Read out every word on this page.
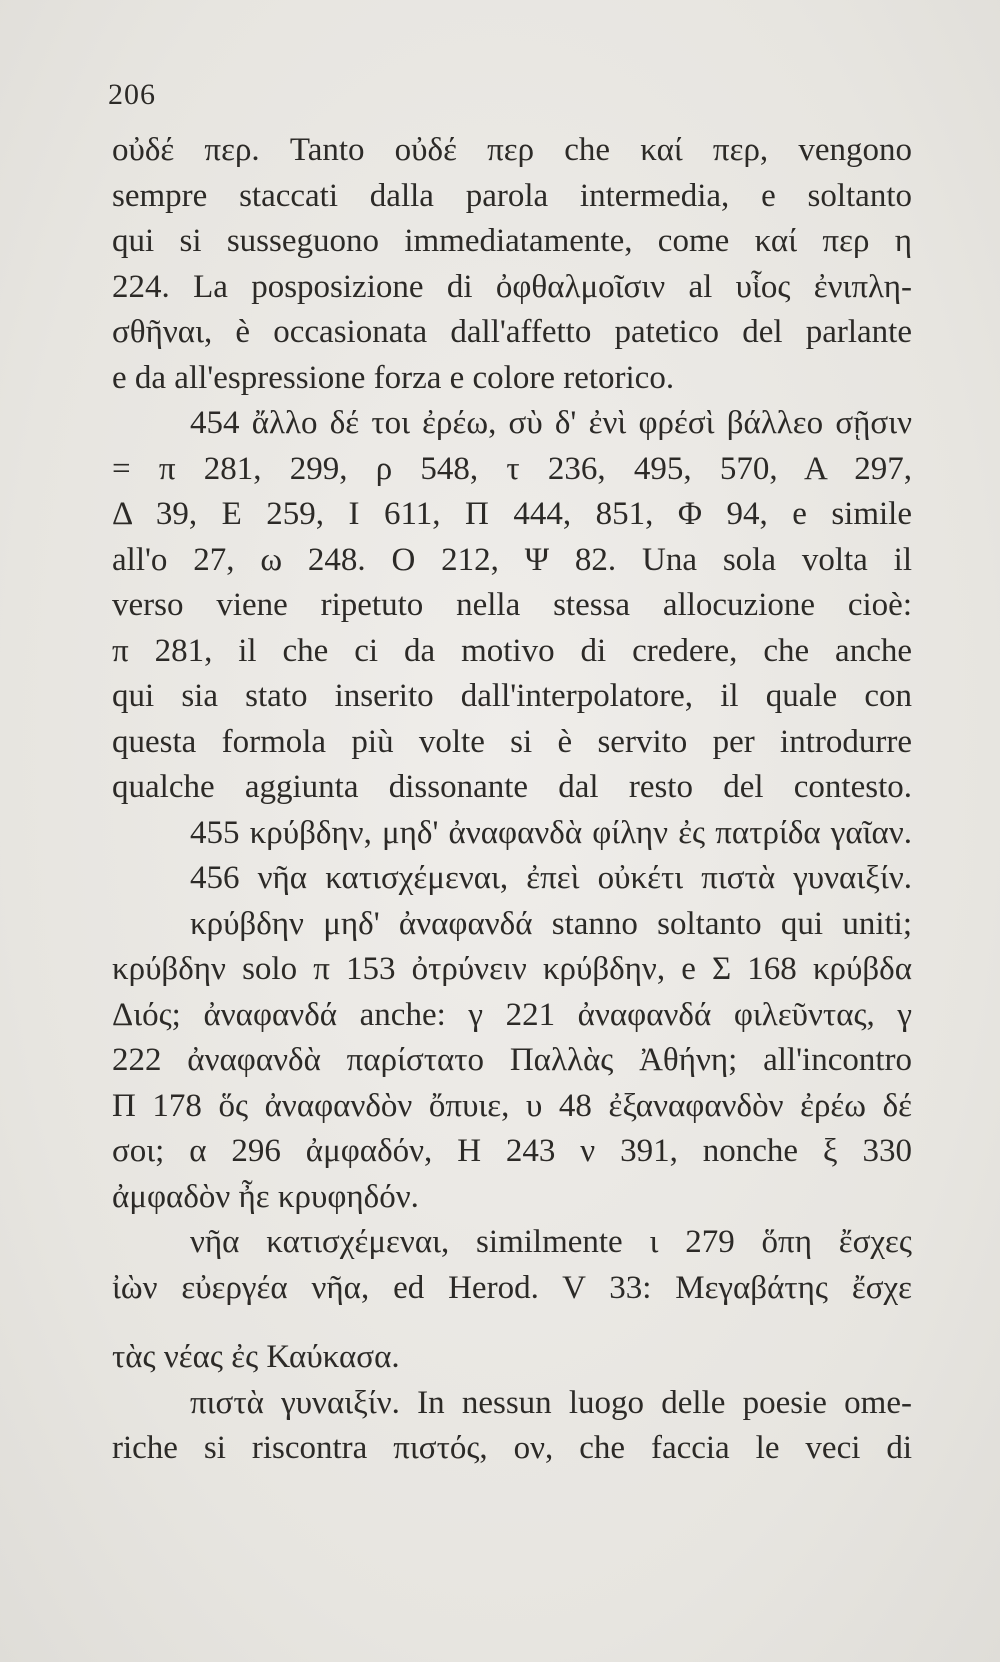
206
οὐδέ περ. Tanto οὐδέ περ che καί περ, vengono
sempre staccati dalla parola intermedia, e soltanto
qui si susseguono immediatamente, come καί περ η
224. La posposizione di ὀφθαλμοῖσιν al υἷος ἐνιπλη-
σθῆναι, è occasionata dall'affetto patetico del parlante
e da all'espressione forza e colore retorico.
454 ἄλλο δέ τοι ἐρέω, σὺ δ' ἐνὶ φρέσὶ βάλλεο σῇσιν
= π 281, 299, ρ 548, τ 236, 495, 570, Α 297,
Δ 39, Ε 259, Ι 611, Π 444, 851, Φ 94, e simile
all'ο 27, ω 248. Ο 212, Ψ 82. Una sola volta il
verso viene ripetuto nella stessa allocuzione cioè:
π 281, il che ci da motivo di credere, che anche
qui sia stato inserito dall'interpolatore, il quale con
questa formola più volte si è servito per introdurre
qualche aggiunta dissonante dal resto del contesto.
455 κρύβδην, μηδ' ἀναφανδὰ φίλην ἐς πατρίδα γαῖαν.
456 νῆα κατισχέμεναι, ἐπεὶ οὐκέτι πιστὰ γυναιξίν.
κρύβδην μηδ' ἀναφανδά stanno soltanto qui uniti;
κρύβδην solo π 153 ὀτρύνειν κρύβδην, e Σ 168 κρύβδα
Διός; ἀναφανδά anche: γ 221 ἀναφανδά φιλεῦντας, γ
222 ἀναφανδὰ παρίστατο Παλλὰς Ἀθήνη; all'incontro
Π 178 ὅς ἀναφανδὸν ὄπυιε, υ 48 ἐξαναφανδὸν ἐρέω δέ
σοι; α 296 ἀμφαδόν, Η 243 ν 391, nonche ξ 330
ἀμφαδὸν ἦε κρυφηδόν.
νῆα κατισχέμεναι, similmente ι 279 ὅπη ἔσχες
ἰὼν εὐεργέα νῆα, ed Herod. V 33: Μεγαβάτης ἔσχε
τὰς νέας ἐς Καύκασα.
πιστὰ γυναιξίν. In nessun luogo delle poesie ome-
riche si riscontra πιστός, ον, che faccia le veci di
